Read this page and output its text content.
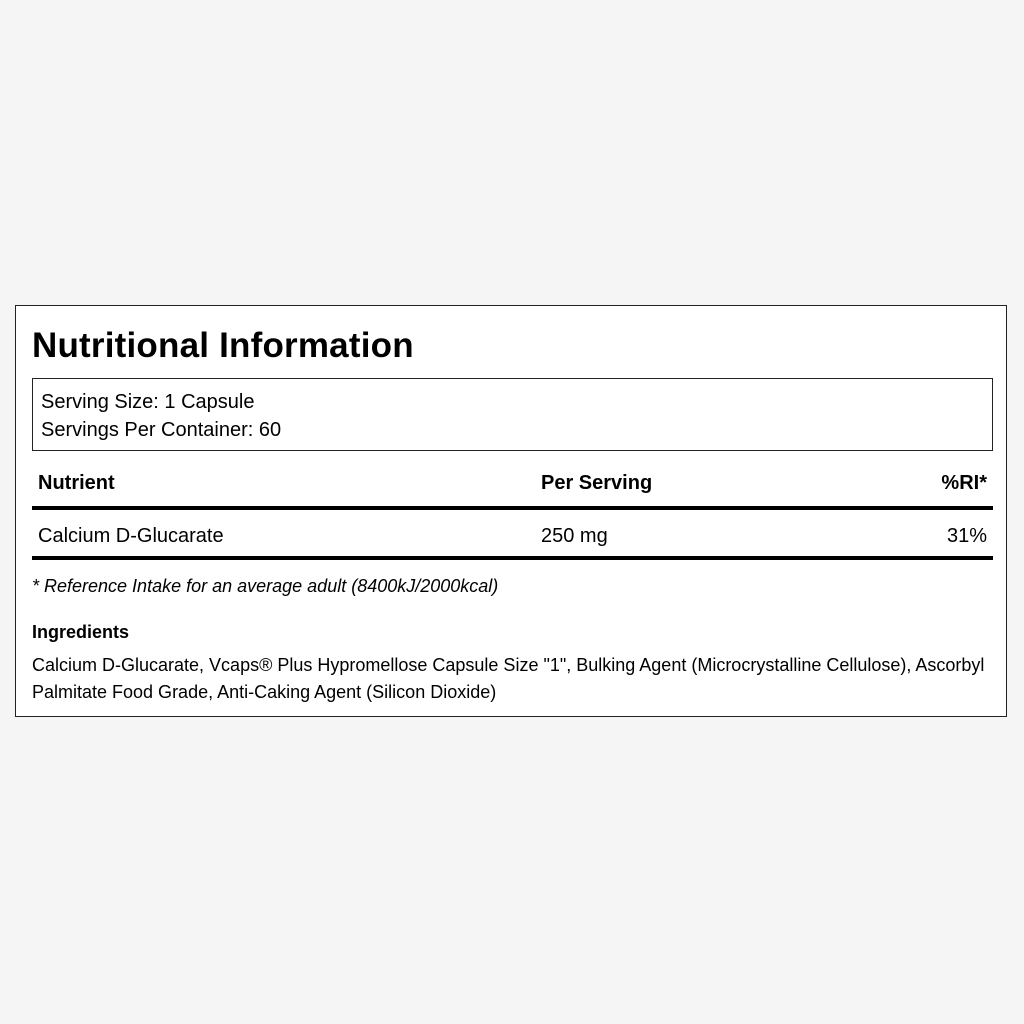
Nutritional Information
Serving Size: 1 Capsule
Servings Per Container: 60
Nutrient	Per Serving	%RI*
Calcium D-Glucarate	250 mg	31%
* Reference Intake for an average adult (8400kJ/2000kcal)
Ingredients
Calcium D-Glucarate, Vcaps® Plus Hypromellose Capsule Size "1", Bulking Agent (Microcrystalline Cellulose), Ascorbyl Palmitate Food Grade, Anti-Caking Agent (Silicon Dioxide)
